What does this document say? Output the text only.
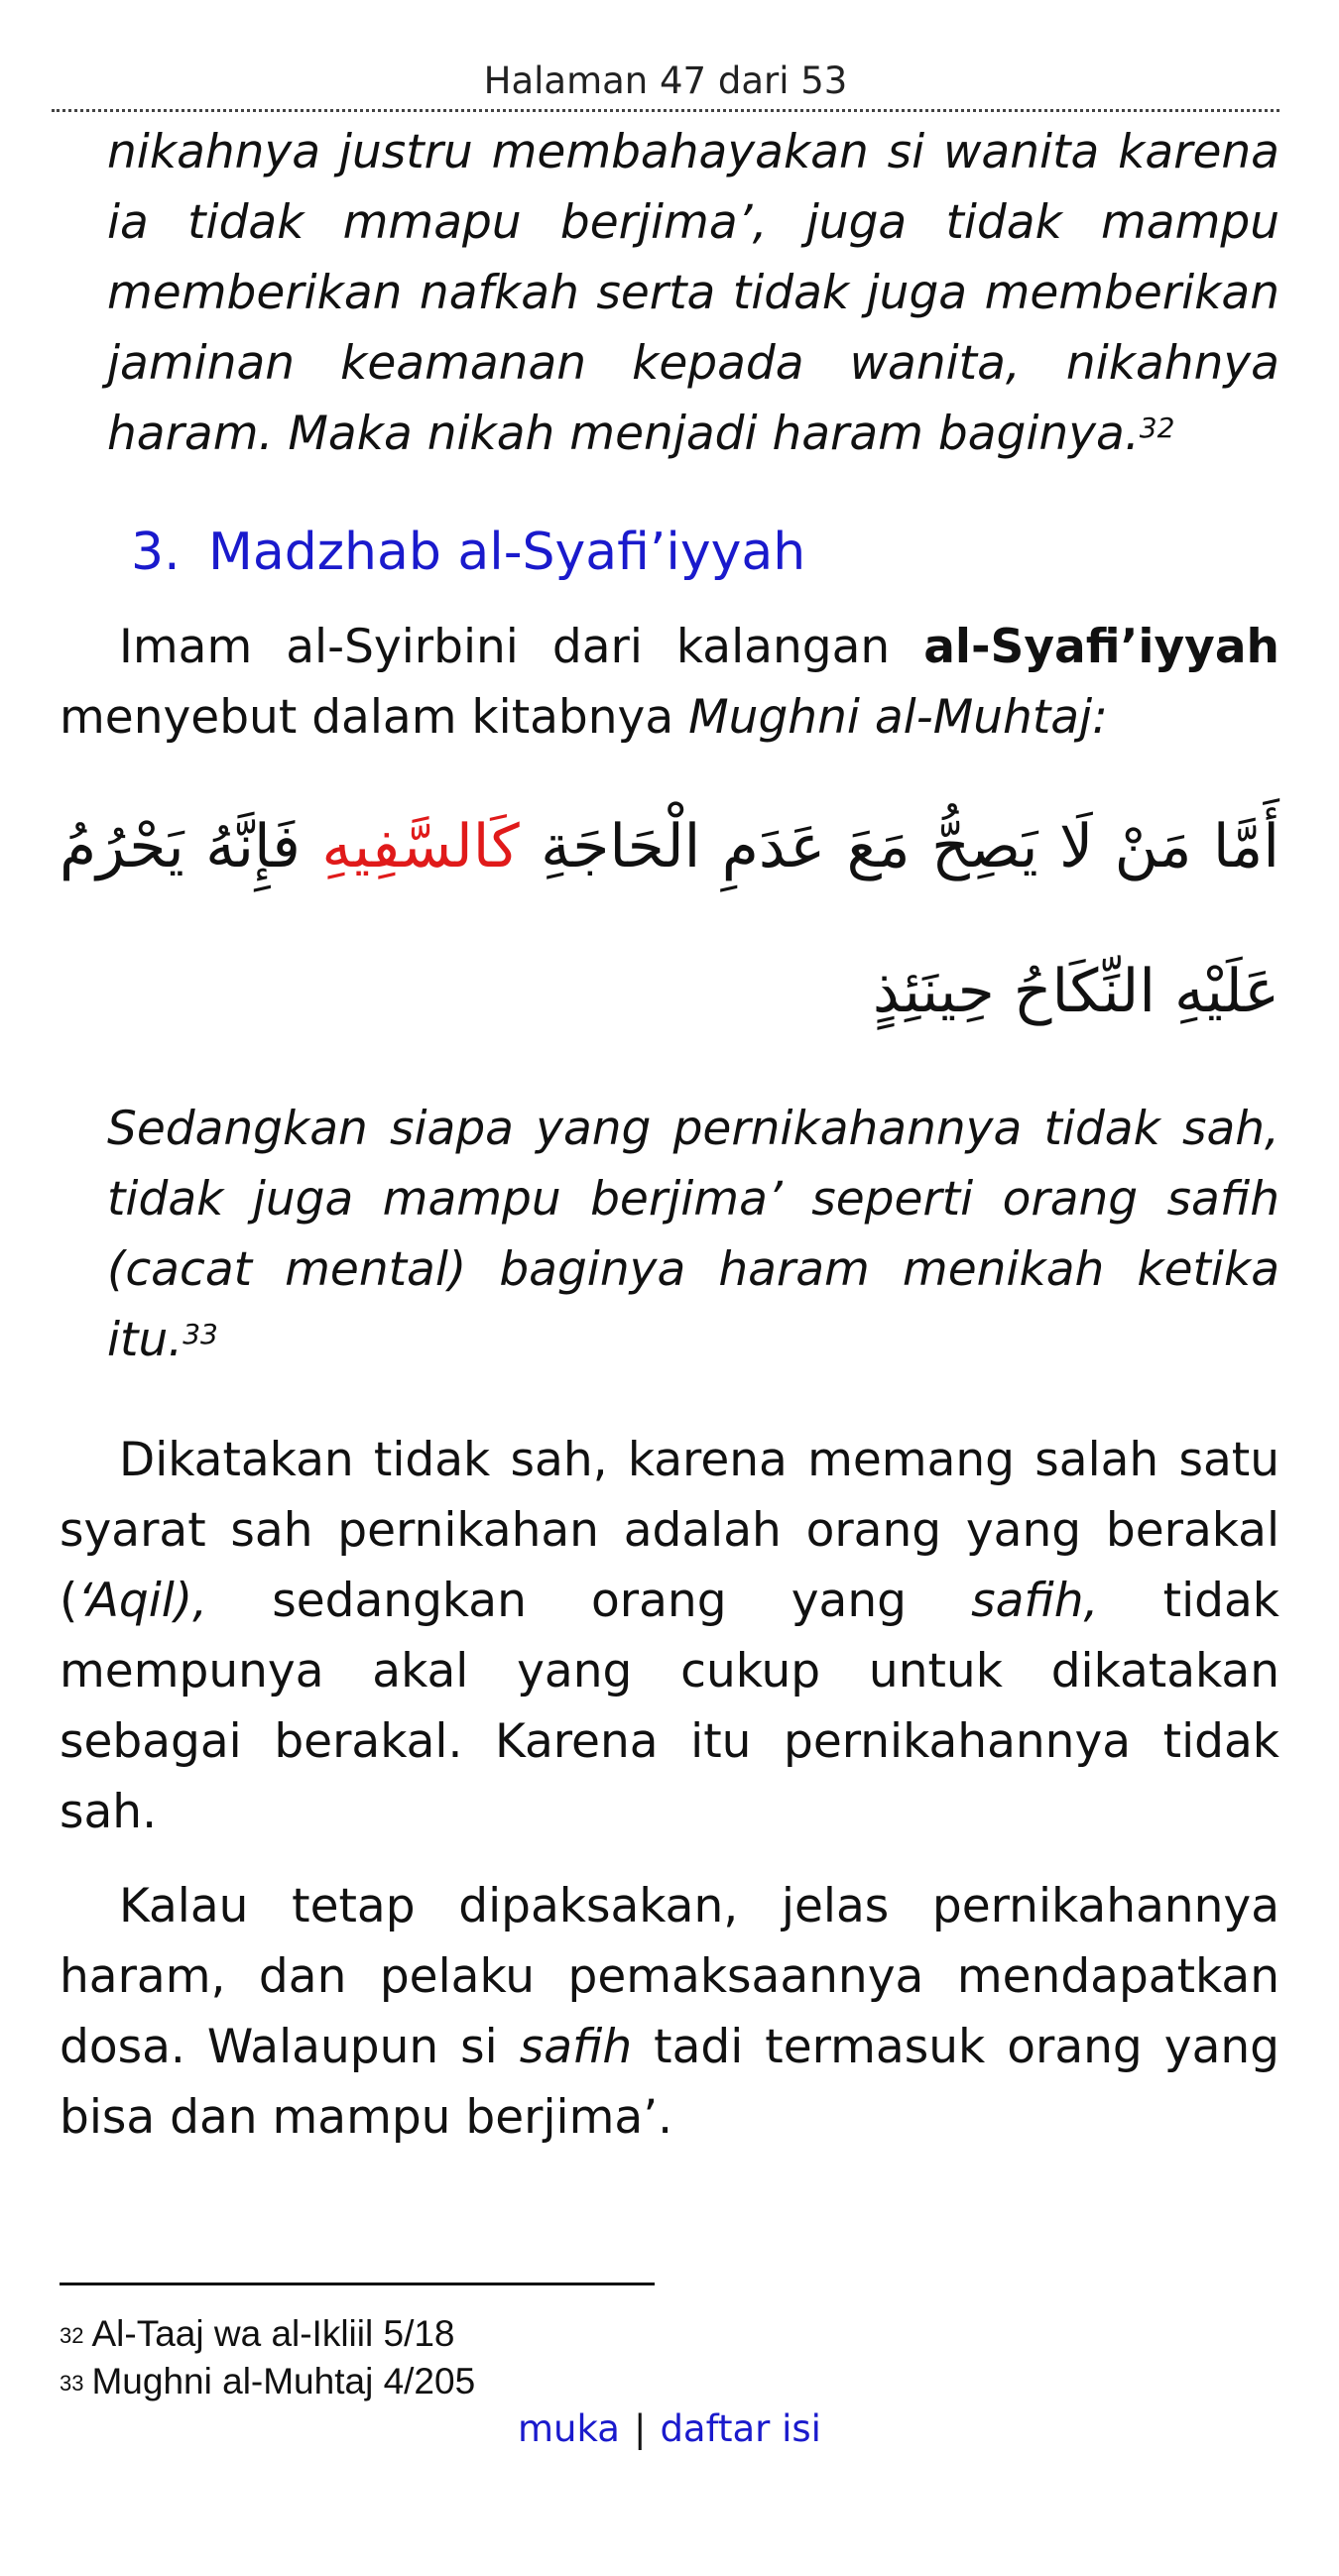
Halaman 47 dari 53

nikahnya justru membahayakan si wanita karena ia tidak mmapu berjima’, juga tidak mampu memberikan nafkah serta tidak juga memberikan jaminan keamanan kepada wanita, nikahnya haram. Maka nikah menjadi haram baginya.$^{32}$

3. Madzhab al-Syafi’iyyah

Imam al-Syirbini dari kalangan al-Syafi’iyyah menyebut dalam kitabnya Mughni al-Muhtaj:

أَمَّا مَنْ لَا يَصِحُّ مَعَ عَدَمِ الْحَاجَةِ كَالسَّفِيهِ فَإِنَّهُ يَحْرُمُ عَلَيْهِ النِّكَاحُ حِينَئِذٍ

Sedangkan siapa yang pernikahannya tidak sah, tidak juga mampu berjima’ seperti orang safih (cacat mental) baginya haram menikah ketika itu.$^{33}$

Dikatakan tidak sah, karena memang salah satu syarat sah pernikahan adalah orang yang berakal (‘Aqil), sedangkan orang yang safih, tidak mempunya akal yang cukup untuk dikatakan sebagai berakal. Karena itu pernikahannya tidak sah.

Kalau tetap dipaksakan, jelas pernikahannya haram, dan pelaku pemaksaannya mendapatkan dosa. Walaupun si safih tadi termasuk orang yang bisa dan mampu berjima’.

$^{32}$ Al-Taaj wa al-Ikliil 5/18
$^{33}$ Mughni al-Muhtaj 4/205
muka | daftar isi
